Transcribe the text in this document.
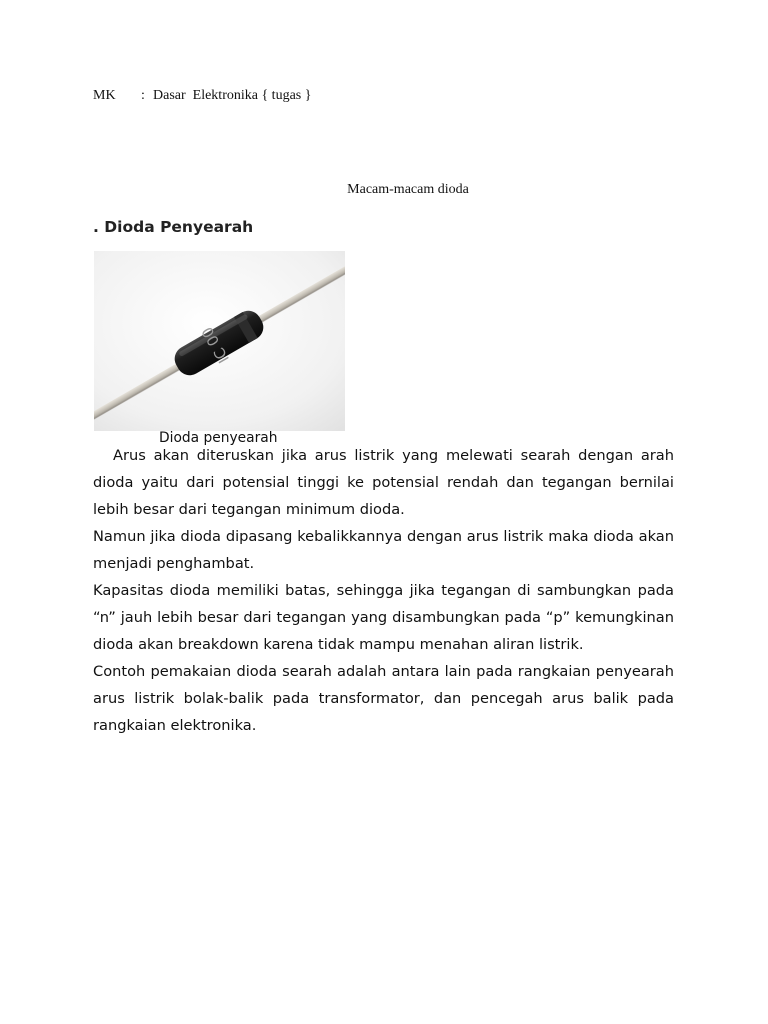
MK : Dasar  Elektronika { tugas }
Macam-macam dioda
. Dioda Penyearah
IC 00
Dioda penyearah

Arus akan diteruskan jika arus listrik yang melewati searah dengan arah dioda yaitu dari potensial tinggi ke potensial rendah dan tegangan bernilai lebih besar dari tegangan minimum dioda.

Namun jika dioda dipasang kebalikkannya dengan arus listrik maka dioda akan menjadi penghambat.

Kapasitas dioda memiliki batas, sehingga jika tegangan di sambungkan pada “n” jauh lebih besar dari tegangan yang disambungkan pada “p” kemungkinan dioda akan breakdown karena tidak mampu menahan aliran listrik.

Contoh pemakaian dioda searah adalah antara lain pada rangkaian penyearah arus listrik bolak-balik pada transformator, dan pencegah arus balik pada rangkaian elektronika.
